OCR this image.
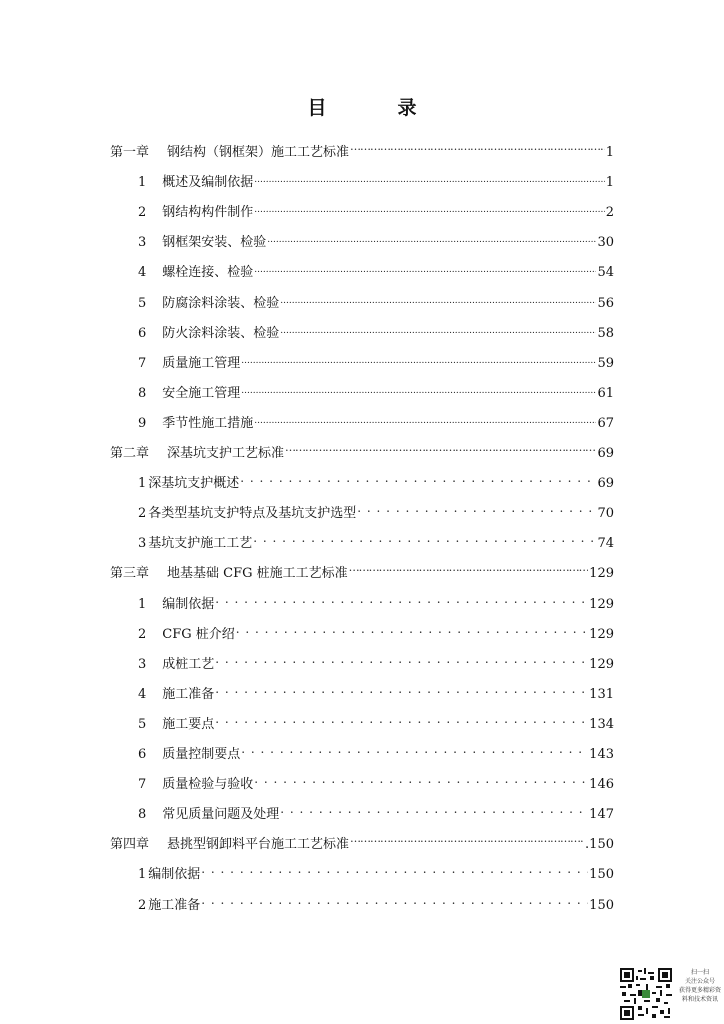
目　录
第一章 钢结构（钢框架）施工工艺标准 …………………………………………………………………………………………………………………………………………………………………………………………………………………………………………	1
1 概述及编制依据 .....	1
2 钢结构构件制作 .....	2
3 钢框架安装、检验 .....	30
4 螺栓连接、检验 .....	54
5 防腐涂料涂装、检验 .....	56
6 防火涂料涂装、检验 .....	58
7 质量施工管理 .....	59
8 安全施工管理 .....	61
9 季节性施工措施 .....	67
第二章 深基坑支护工艺标准 …………………………………………………………………………………………………………………………………………………………………………………………………………………………………………	69
1 深基坑支护概述 . . .	69
2 各类型基坑支护特点及基坑支护选型 . . .	70
3 基坑支护施工工艺 . . .	74
第三章 地基基础 CFG 桩施工工艺标准 …………………………………………………………………………………………………………………………………………………………………………………………………………………………………………	129
1 编制依据 . . .	129
2 CFG 桩介绍 . . .	129
3 成桩工艺 . . .	129
4 施工准备 . . .	131
5 施工要点 . . .	134
6 质量控制要点 . . .	143
7 质量检验与验收 . . .	146
8 常见质量问题及处理 . . .	147
第四章 悬挑型钢卸料平台施工工艺标准 …………………………………………………………………………………………………………………………………………………………………………………………………………………………………………	.150
1 编制依据 . . .	150
2 施工准备 . . .	150
扫一扫
关注公众号
获得更多精彩资
料和技术资讯
